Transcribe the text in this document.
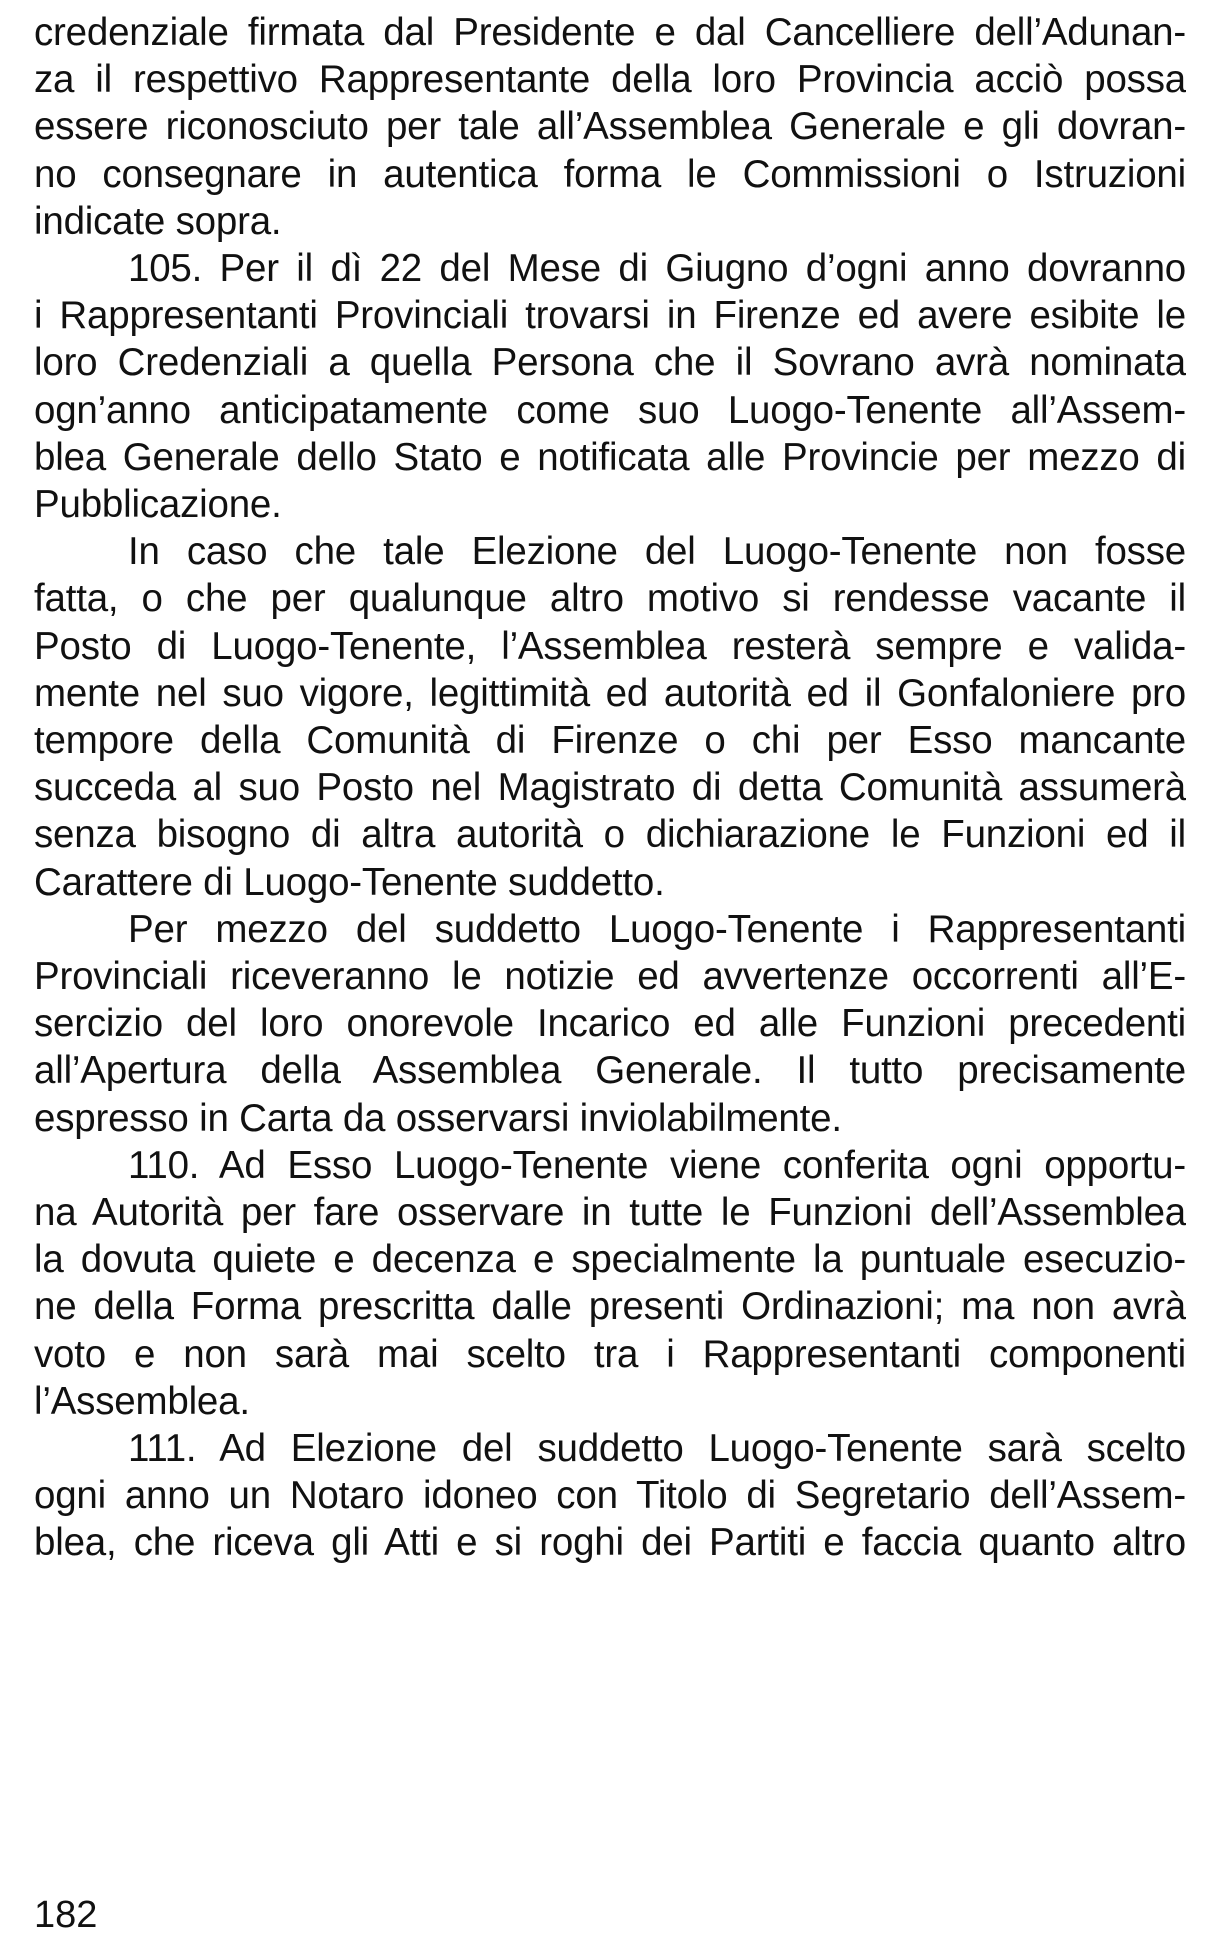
credenziale firmata dal Presidente e dal Cancelliere dell’Adunan-
za il respettivo Rappresentante della loro Provincia acciò possa
essere riconosciuto per tale all’Assemblea Generale e gli dovran-
no consegnare in autentica forma le Commissioni o Istruzioni
indicate sopra.
105. Per il dì 22 del Mese di Giugno d’ogni anno dovranno
i Rappresentanti Provinciali trovarsi in Firenze ed avere esibite le
loro Credenziali a quella Persona che il Sovrano avrà nominata
ogn’anno anticipatamente come suo Luogo-Tenente all’Assem-
blea Generale dello Stato e notificata alle Provincie per mezzo di
Pubblicazione.
In caso che tale Elezione del Luogo-Tenente non fosse
fatta, o che per qualunque altro motivo si rendesse vacante il
Posto di Luogo-Tenente, l’Assemblea resterà sempre e valida-
mente nel suo vigore, legittimità ed autorità ed il Gonfaloniere pro
tempore della Comunità di Firenze o chi per Esso mancante
succeda al suo Posto nel Magistrato di detta Comunità assumerà
senza bisogno di altra autorità o dichiarazione le Funzioni ed il
Carattere di Luogo-Tenente suddetto.
Per mezzo del suddetto Luogo-Tenente i Rappresentanti
Provinciali riceveranno le notizie ed avvertenze occorrenti all’E-
sercizio del loro onorevole Incarico ed alle Funzioni precedenti
all’Apertura della Assemblea Generale. Il tutto precisamente
espresso in Carta da osservarsi inviolabilmente.
110. Ad Esso Luogo-Tenente viene conferita ogni opportu-
na Autorità per fare osservare in tutte le Funzioni dell’Assemblea
la dovuta quiete e decenza e specialmente la puntuale esecuzio-
ne della Forma prescritta dalle presenti Ordinazioni; ma non avrà
voto e non sarà mai scelto tra i Rappresentanti componenti
l’Assemblea.
111. Ad Elezione del suddetto Luogo-Tenente sarà scelto
ogni anno un Notaro idoneo con Titolo di Segretario dell’Assem-
blea, che riceva gli Atti e si roghi dei Partiti e faccia quanto altro
182
